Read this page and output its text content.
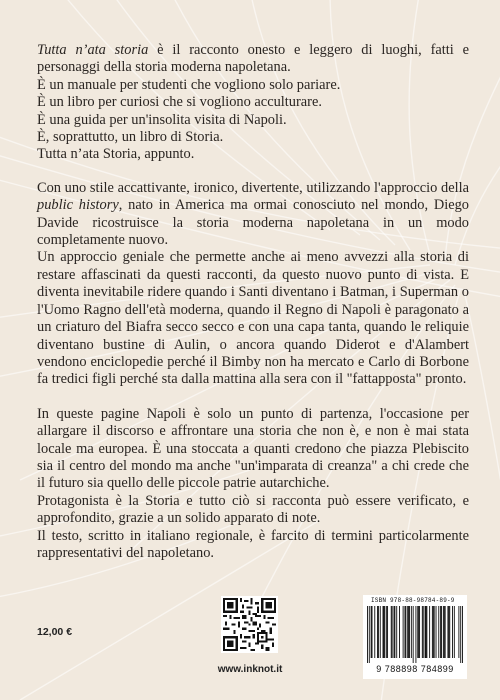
Tutta n’ata storia è il racconto onesto e leggero di luoghi, fatti e personaggi della storia moderna napoletana.

È un manuale per studenti che vogliono solo pariare.

È un libro per curiosi che si vogliono acculturare.

È una guida per un'insolita visita di Napoli.

È, soprattutto, un libro di Storia.

Tutta n’ata Storia, appunto.

Con uno stile accattivante, ironico, divertente, utilizzando l'approccio della public history, nato in America ma ormai conosciuto nel mondo, Diego Davide ricostruisce la storia moderna napoletana in un modo completamente nuovo.

Un approccio geniale che permette anche ai meno avvezzi alla storia di restare affascinati da questi racconti, da questo nuovo punto di vista. E diventa inevitabile ridere quando i Santi diventano i Batman, i Superman o l'Uomo Ragno dell'età moderna, quando il Regno di Napoli è paragonato a un criaturo del Biafra secco secco e con una capa tanta, quando le reliquie diventano bustine di Aulin, o ancora quando Diderot e d'Alambert vendono enciclopedie perché il Bimby non ha mercato e Carlo di Borbone fa tredici figli perché sta dalla mattina alla sera con il "fattapposta" pronto.

In queste pagine Napoli è solo un punto di partenza, l'occasione per allargare il discorso e affrontare una storia che non è, e non è mai stata locale ma europea. È una stoccata a quanti credono che piazza Plebiscito sia il centro del mondo ma anche "un'imparata di creanza" a chi crede che il futuro sia quello delle piccole patrie autarchiche.

Protagonista è la Storia e tutto ciò si racconta può essere verificato, e approfondito, grazie a un solido apparato di note.

Il testo, scritto in italiano regionale, è farcito di termini particolarmente rappresentativi del napoletano.

12,00 €
www.inknot.it
ISBN 978-88-98784-89-9
9 788898 784899
